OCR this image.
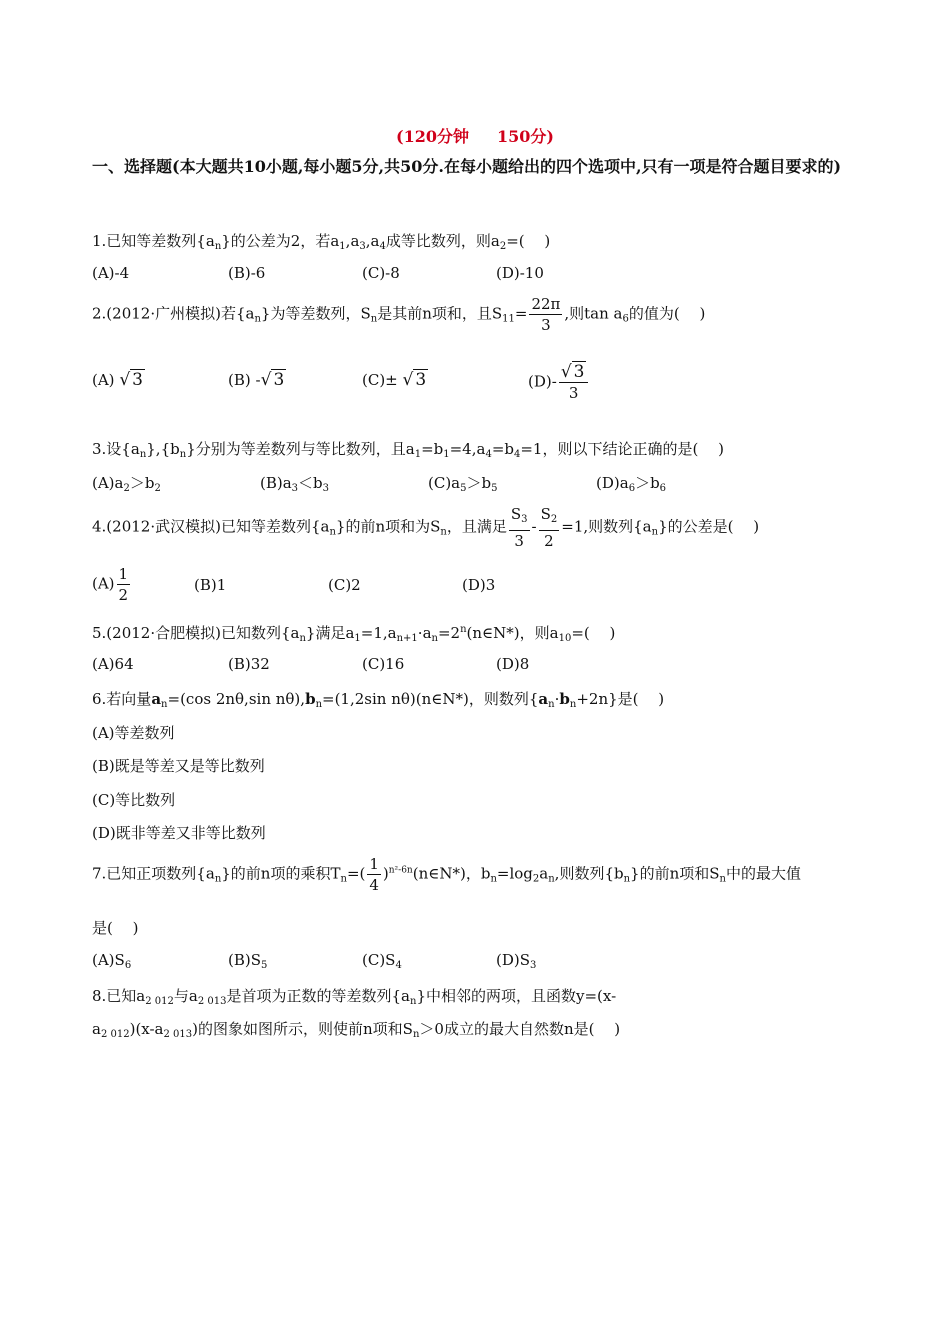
(120分钟 150分)
一、选择题(本大题共10小题,每小题5分,共50分.在每小题给出的四个选项中,只有一项是符合题目要求的)
1.已知等差数列$\{a_n\}$的公差为2，若$a_1,a_3,a_4$成等比数列，则$a_2=$(　 )
(A)-4	(B)-6	(C)-8	(D)-10
2.(2012·广州模拟)若$\{a_n\}$为等差数列，$S_n$是其前n项和，且$S_{11}= \frac{22\pi}{3}$ ,则$\tan a_6$的值为(　 )
(A) √ 3	(B) -√ 3	(C)± √ 3	$(D)- \frac{√ 3}{3}$
3.设$\{a_n\},\{b_n\}$分别为等差数列与等比数列，且$a_1=b_1=4,a_4=b_4=1$，则以下结论正确的是(　 )
$(A)a_2>b_2$	$(B)a_3<b_3$	$(C)a_5>b_5$	$(D)a_6>b_6$
4.(2012·武汉模拟)已知等差数列$\{a_n\}$的前n项和为$S_n$，且满足 $\frac{S_3}{3} - \frac{S_2}{2} =1$,则数列$\{a_n\}$的公差是(　 )
$(A) \frac{1}{2}$	(B)1	(C)2	(D)3
5.(2012·合肥模拟)已知数列$\{a_n\}$满足$a_1=1,a_{n+1}\cdot a_n=2^n(n\in N*)$，则$a_{10}=$(　 )
(A)64	(B)32	(C)16	(D)8
6.若向量$a_n=(\cos$ 2nθ,sin $n\theta),b_n=(1,2\sin$ nθ)(n∈N*)，则数列$\{a_n\cdot b_n+2n\}$是(　 )
(A)等差数列
(B)既是等差又是等比数列
(C)等比数列
(D)既非等差又非等比数列
7.已知正项数列$\{a_n\}$的前n项的乘积$T_n=( \frac{1}{4}$ )$^{n^2-6n}(n\in N*)$，$b_n=\log_2a_n$,则数列$\{b_n\}$的前n项和$S_n$中的最大值
是(　 )
$(A)S_6$	$(B)S_5$	$(C)S_4$	$(D)S_3$
8.已知$a_{2 012}$与$a_{2 013}$是首项为正数的等差数列$\{a_n\}$中相邻的两项，且函数y=(x-
$a_{2 012})(x-a_{2 013})$的图象如图所示，则使前n项和$S_n>0$成立的最大自然数n是(　 )
